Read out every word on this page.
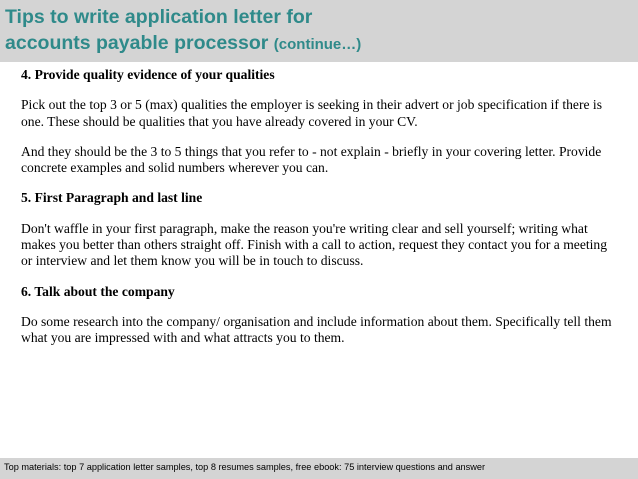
Tips to write application letter for
accounts payable processor (continue…)

4. Provide quality evidence of your qualities

Pick out the top 3 or 5 (max) qualities the employer is seeking in their advert or job specification if there is one. These should be qualities that you have already covered in your CV.

And they should be the 3 to 5 things that you refer to - not explain - briefly in your covering letter. Provide concrete examples and solid numbers wherever you can.

5. First Paragraph and last line

Don't waffle in your first paragraph, make the reason you're writing clear and sell yourself; writing what makes you better than others straight off. Finish with a call to action, request they contact you for a meeting or interview and let them know you will be in touch to discuss.

6. Talk about the company

Do some research into the company/ organisation and include information about them. Specifically tell them what you are impressed with and what attracts you to them.

Top materials: top 7 application letter samples, top 8 resumes samples, free ebook: 75 interview questions and answer
